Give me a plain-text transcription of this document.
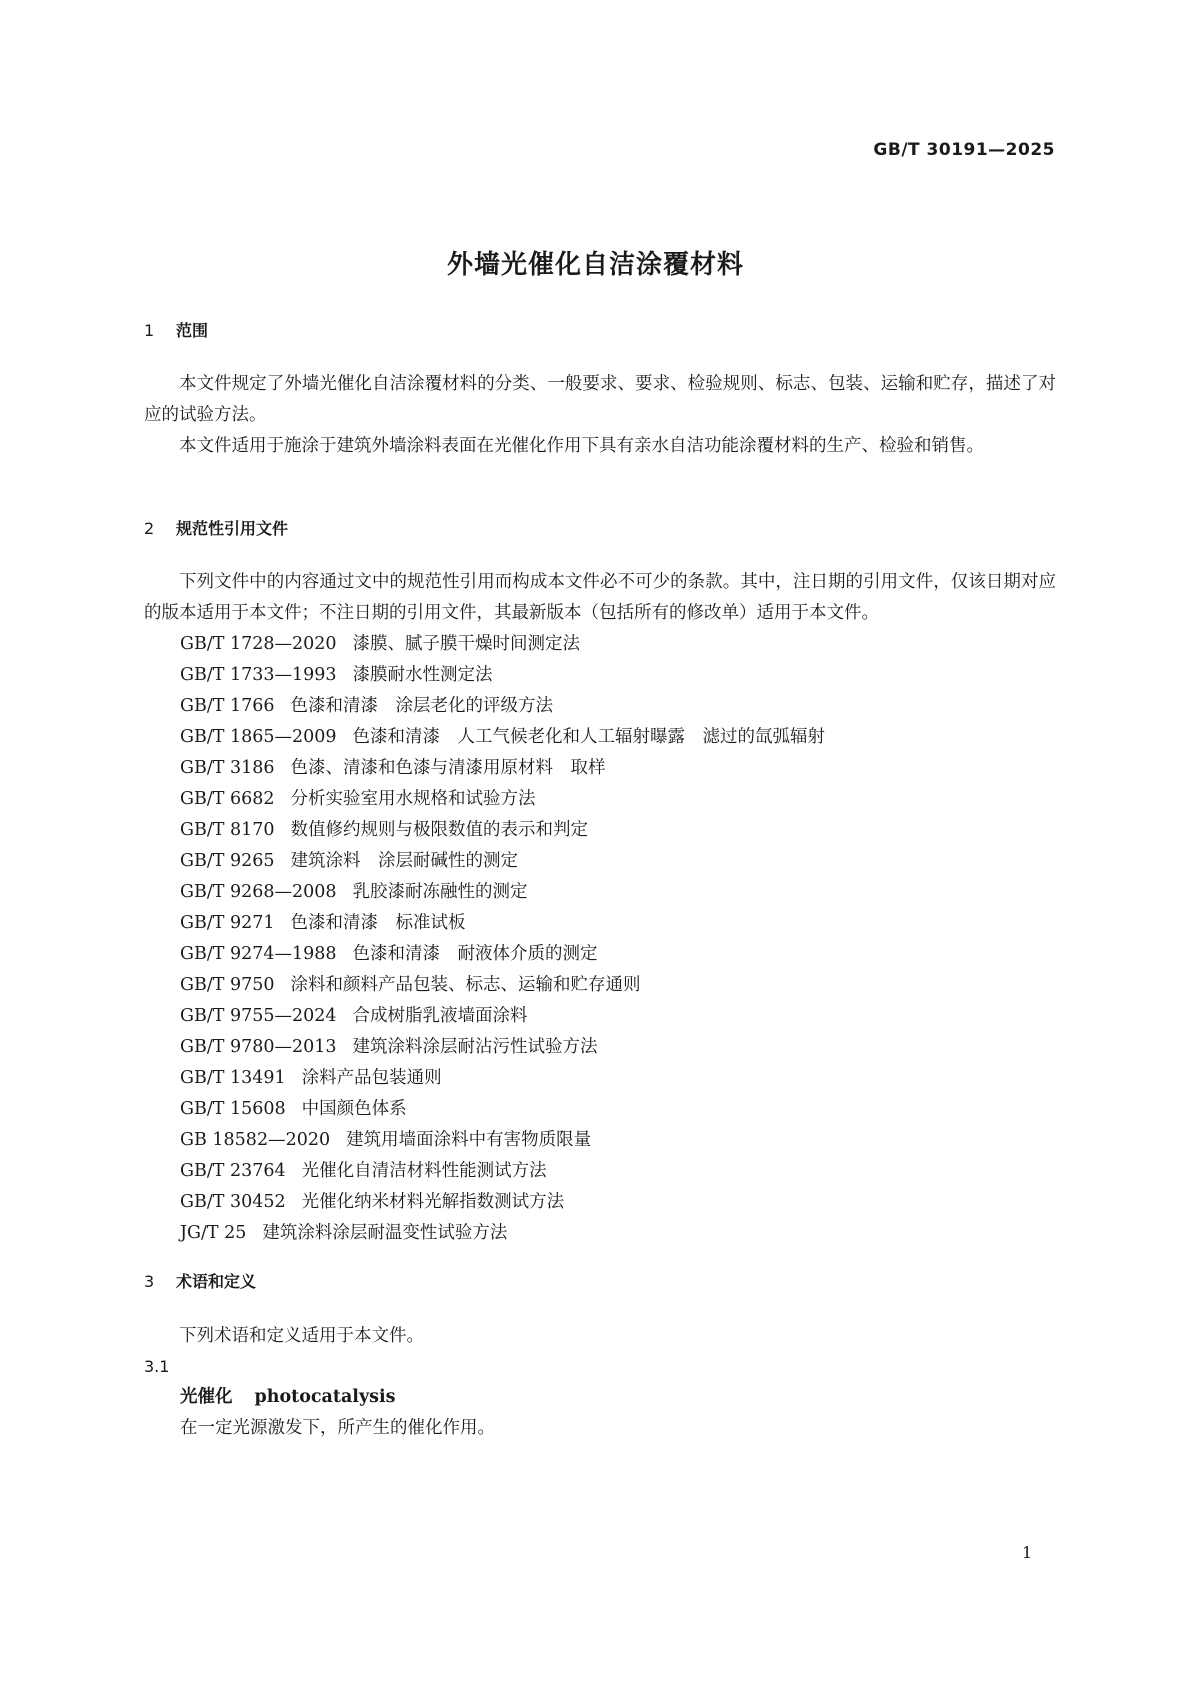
GB/T 30191—2025
外墙光催化自洁涂覆材料
1 范围

本文件规定了外墙光催化自洁涂覆材料的分类、一般要求、要求、检验规则、标志、包装、运输和贮存，描述了对应的试验方法。

本文件适用于施涂于建筑外墙涂料表面在光催化作用下具有亲水自洁功能涂覆材料的生产、检验和销售。

2 规范性引用文件

下列文件中的内容通过文中的规范性引用而构成本文件必不可少的条款。其中，注日期的引用文件，仅该日期对应的版本适用于本文件；不注日期的引用文件，其最新版本（包括所有的修改单）适用于本文件。

GB/T 1728—2020 漆膜、腻子膜干燥时间测定法
GB/T 1733—1993 漆膜耐水性测定法
GB/T 1766 色漆和清漆　涂层老化的评级方法
GB/T 1865—2009 色漆和清漆　人工气候老化和人工辐射曝露　滤过的氙弧辐射
GB/T 3186 色漆、清漆和色漆与清漆用原材料　取样
GB/T 6682 分析实验室用水规格和试验方法
GB/T 8170 数值修约规则与极限数值的表示和判定
GB/T 9265 建筑涂料　涂层耐碱性的测定
GB/T 9268—2008 乳胶漆耐冻融性的测定
GB/T 9271 色漆和清漆　标准试板
GB/T 9274—1988 色漆和清漆　耐液体介质的测定
GB/T 9750 涂料和颜料产品包装、标志、运输和贮存通则
GB/T 9755—2024 合成树脂乳液墙面涂料
GB/T 9780—2013 建筑涂料涂层耐沾污性试验方法
GB/T 13491 涂料产品包装通则
GB/T 15608 中国颜色体系
GB 18582—2020 建筑用墙面涂料中有害物质限量
GB/T 23764 光催化自清洁材料性能测试方法
GB/T 30452 光催化纳米材料光解指数测试方法
JG/T 25 建筑涂料涂层耐温变性试验方法
3 术语和定义

下列术语和定义适用于本文件。

3.1
光催化 photocatalysis
在一定光源激发下，所产生的催化作用。
1
